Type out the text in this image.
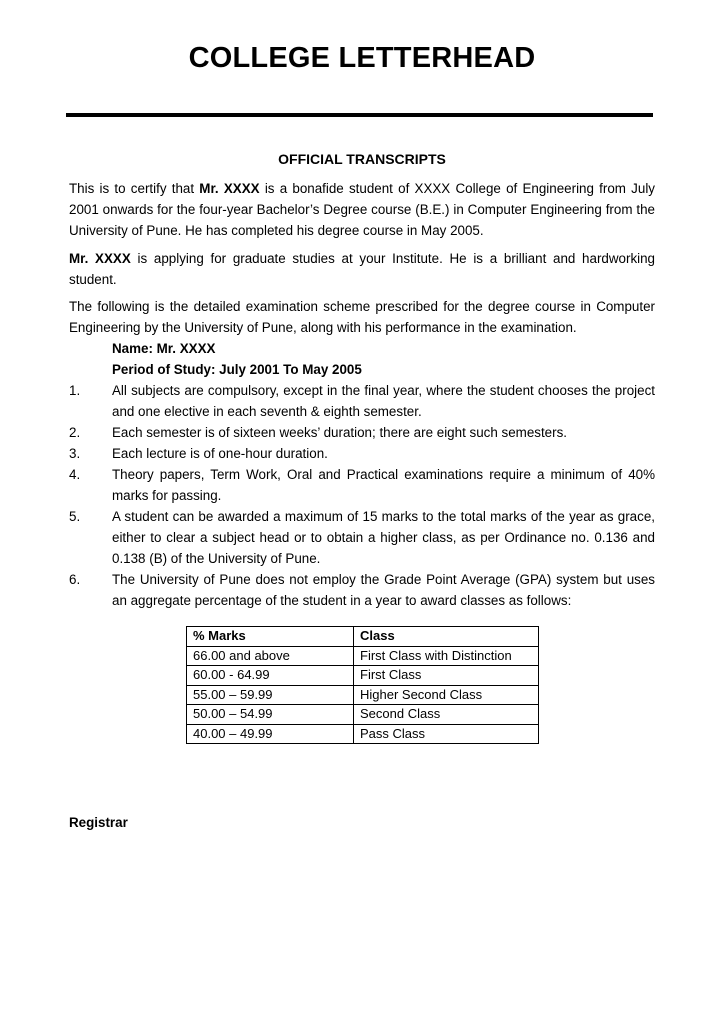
COLLEGE LETTERHEAD
OFFICIAL TRANSCRIPTS
This is to certify that Mr. XXXX is a bonafide student of XXXX College of Engineering from July 2001 onwards for the four-year Bachelor’s Degree course (B.E.) in Computer Engineering from the University of Pune. He has completed his degree course in May 2005.
Mr. XXXX is applying for graduate studies at your Institute. He is a brilliant and hardworking student.
The following is the detailed examination scheme prescribed for the degree course in Computer Engineering by the University of Pune, along with his performance in the examination.
Name: Mr. XXXX
Period of Study: July 2001 To May 2005
1. All subjects are compulsory, except in the final year, where the student chooses the project and one elective in each seventh & eighth semester.
2. Each semester is of sixteen weeks’ duration; there are eight such semesters.
3. Each lecture is of one-hour duration.
4. Theory papers, Term Work, Oral and Practical examinations require a minimum of 40% marks for passing.
5. A student can be awarded a maximum of 15 marks to the total marks of the year as grace, either to clear a subject head or to obtain a higher class, as per Ordinance no. 0.136 and 0.138 (B) of the University of Pune.
6. The University of Pune does not employ the Grade Point Average (GPA) system but uses an aggregate percentage of the student in a year to award classes as follows:
% Marks	Class
66.00 and above	First Class with Distinction
60.00 - 64.99	First Class
55.00 – 59.99	Higher Second Class
50.00 – 54.99	Second Class
40.00 – 49.99	Pass Class
Registrar
